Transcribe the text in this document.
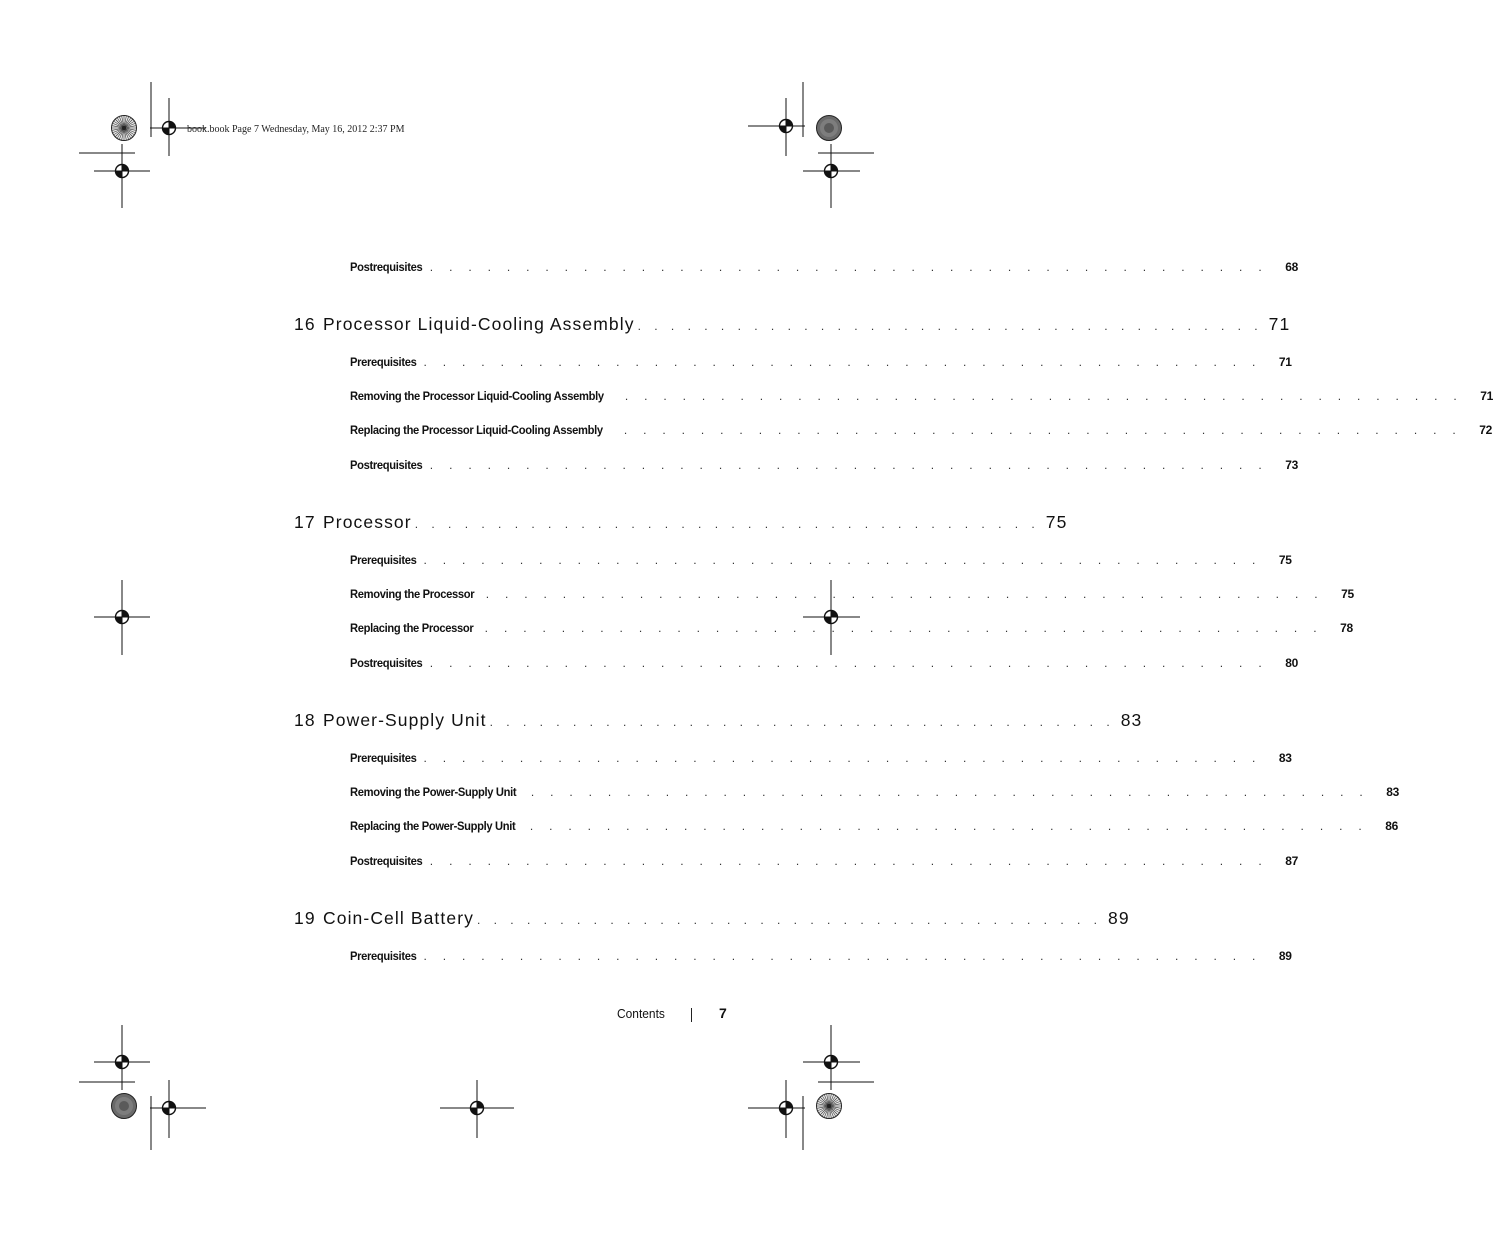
book.book Page 7 Wednesday, May 16, 2012 2:37 PM
Postrequisites . . . . . . . . . . . . . . . . . . . . . . . . . . . . . . . . . . . . . . . . . . . . 68
16 Processor Liquid-Cooling Assembly . . . . . . . . . . . . . . . . . . . . . . . . . . . . . . . . . . . . . . 71
Prerequisites . . . . . . . . . . . . . . . . . . . . . . . . . . . . . . . . . . . . . . . . . . . . 71
Removing the Processor Liquid-Cooling Assembly . . . . . . . . . . . . . . . . . . . . . . . . . . . . . . . . . . . . . . . . . . . . 71
Replacing the Processor Liquid-Cooling Assembly . . . . . . . . . . . . . . . . . . . . . . . . . . . . . . . . . . . . . . . . . . . . 72
Postrequisites . . . . . . . . . . . . . . . . . . . . . . . . . . . . . . . . . . . . . . . . . . . . 73
17 Processor . . . . . . . . . . . . . . . . . . . . . . . . . . . . . . . . . . . . . . 75
Prerequisites . . . . . . . . . . . . . . . . . . . . . . . . . . . . . . . . . . . . . . . . . . . . 75
Removing the Processor . . . . . . . . . . . . . . . . . . . . . . . . . . . . . . . . . . . . . . . . . . . . 75
Replacing the Processor . . . . . . . . . . . . . . . . . . . . . . . . . . . . . . . . . . . . . . . . . . . . 78
Postrequisites . . . . . . . . . . . . . . . . . . . . . . . . . . . . . . . . . . . . . . . . . . . . 80
18 Power-Supply Unit . . . . . . . . . . . . . . . . . . . . . . . . . . . . . . . . . . . . . . 83
Prerequisites . . . . . . . . . . . . . . . . . . . . . . . . . . . . . . . . . . . . . . . . . . . . 83
Removing the Power-Supply Unit . . . . . . . . . . . . . . . . . . . . . . . . . . . . . . . . . . . . . . . . . . . . 83
Replacing the Power-Supply Unit . . . . . . . . . . . . . . . . . . . . . . . . . . . . . . . . . . . . . . . . . . . . 86
Postrequisites . . . . . . . . . . . . . . . . . . . . . . . . . . . . . . . . . . . . . . . . . . . . 87
19 Coin-Cell Battery . . . . . . . . . . . . . . . . . . . . . . . . . . . . . . . . . . . . . . 89
Prerequisites . . . . . . . . . . . . . . . . . . . . . . . . . . . . . . . . . . . . . . . . . . . . 89
Contents	7
